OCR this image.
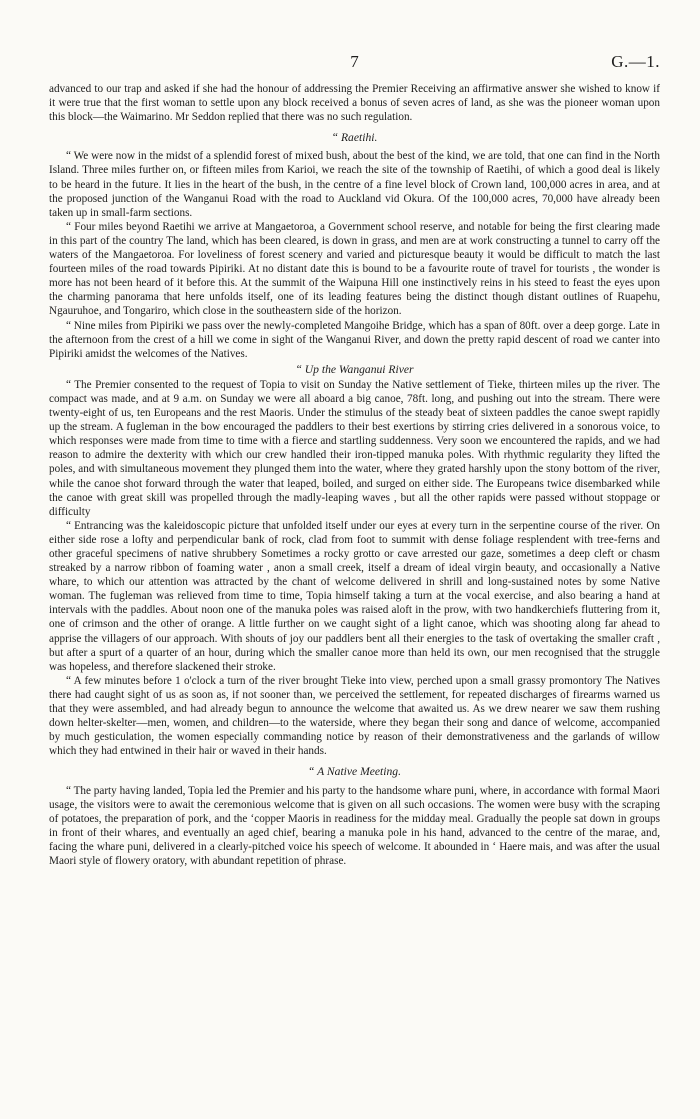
7	G.—1.

advanced to our trap and asked if she had the honour of addressing the Premier Receiving an affirmative answer she wished to know if it were true that the first woman to settle upon any block received a bonus of seven acres of land, as she was the pioneer woman upon this block—the Waimarino. Mr Seddon replied that there was no such regulation.

“ Raetihi.

“ We were now in the midst of a splendid forest of mixed bush, about the best of the kind, we are told, that one can find in the North Island. Three miles further on, or fifteen miles from Karioi, we reach the site of the township of Raetihi, of which a good deal is likely to be heard in the future. It lies in the heart of the bush, in the centre of a fine level block of Crown land, 100,000 acres in area, and at the proposed junction of the Wanganui Road with the road to Auckland vid Okura. Of the 100,000 acres, 70,000 have already been taken up in small-farm sections.

“ Four miles beyond Raetihi we arrive at Mangaetoroa, a Government school reserve, and notable for being the first clearing made in this part of the country The land, which has been cleared, is down in grass, and men are at work constructing a tunnel to carry off the waters of the Mangaetoroa. For loveliness of forest scenery and varied and picturesque beauty it would be difficult to match the last fourteen miles of the road towards Pipiriki. At no distant date this is bound to be a favourite route of travel for tourists , the wonder is more has not been heard of it before this. At the summit of the Waipuna Hill one instinctively reins in his steed to feast the eyes upon the charming panorama that here unfolds itself, one of its leading features being the distinct though distant outlines of Ruapehu, Ngauruhoe, and Tongariro, which close in the southeastern side of the horizon.

“ Nine miles from Pipiriki we pass over the newly-completed Mangoihe Bridge, which has a span of 80ft. over a deep gorge. Late in the afternoon from the crest of a hill we come in sight of the Wanganui River, and down the pretty rapid descent of road we canter into Pipiriki amidst the welcomes of the Natives.

“ Up the Wanganui River

“ The Premier consented to the request of Topia to visit on Sunday the Native settlement of Tieke, thirteen miles up the river. The compact was made, and at 9 a.m. on Sunday we were all aboard a big canoe, 78ft. long, and pushing out into the stream. There were twenty-eight of us, ten Europeans and the rest Maoris. Under the stimulus of the steady beat of sixteen paddles the canoe swept rapidly up the stream. A fugleman in the bow encouraged the paddlers to their best exertions by stirring cries delivered in a sonorous voice, to which responses were made from time to time with a fierce and startling suddenness. Very soon we encountered the rapids, and we had reason to admire the dexterity with which our crew handled their iron-tipped manuka poles. With rhythmic regularity they lifted the poles, and with simultaneous movement they plunged them into the water, where they grated harshly upon the stony bottom of the river, while the canoe shot forward through the water that leaped, boiled, and surged on either side. The Europeans twice disembarked while the canoe with great skill was propelled through the madly-leaping waves , but all the other rapids were passed without stoppage or difficulty

“ Entrancing was the kaleidoscopic picture that unfolded itself under our eyes at every turn in the serpentine course of the river. On either side rose a lofty and perpendicular bank of rock, clad from foot to summit with dense foliage resplendent with tree-ferns and other graceful specimens of native shrubbery Sometimes a rocky grotto or cave arrested our gaze, sometimes a deep cleft or chasm streaked by a narrow ribbon of foaming water , anon a small creek, itself a dream of ideal virgin beauty, and occasionally a Native whare, to which our attention was attracted by the chant of welcome delivered in shrill and long-sustained notes by some Native woman. The fugleman was relieved from time to time, Topia himself taking a turn at the vocal exercise, and also bearing a hand at intervals with the paddles. About noon one of the manuka poles was raised aloft in the prow, with two handkerchiefs fluttering from it, one of crimson and the other of orange. A little further on we caught sight of a light canoe, which was shooting along far ahead to apprise the villagers of our approach. With shouts of joy our paddlers bent all their energies to the task of overtaking the smaller craft , but after a spurt of a quarter of an hour, during which the smaller canoe more than held its own, our men recognised that the struggle was hopeless, and therefore slackened their stroke.

“ A few minutes before 1 o'clock a turn of the river brought Tieke into view, perched upon a small grassy promontory The Natives there had caught sight of us as soon as, if not sooner than, we perceived the settlement, for repeated discharges of firearms warned us that they were assembled, and had already begun to announce the welcome that awaited us. As we drew nearer we saw them rushing down helter-skelter—men, women, and children—to the waterside, where they began their song and dance of welcome, accompanied by much gesticulation, the women especially commanding notice by reason of their demonstrativeness and the garlands of willow which they had entwined in their hair or waved in their hands.

“ A Native Meeting.

“ The party having landed, Topia led the Premier and his party to the handsome whare puni, where, in accordance with formal Maori usage, the visitors were to await the ceremonious welcome that is given on all such occasions. The women were busy with the scraping of potatoes, the preparation of pork, and the ‘copper Maoris in readiness for the midday meal. Gradually the people sat down in groups in front of their whares, and eventually an aged chief, bearing a manuka pole in his hand, advanced to the centre of the marae, and, facing the whare puni, delivered in a clearly-pitched voice his speech of welcome. It abounded in ‘ Haere mais, and was after the usual Maori style of flowery oratory, with abundant repetition of phrase.
